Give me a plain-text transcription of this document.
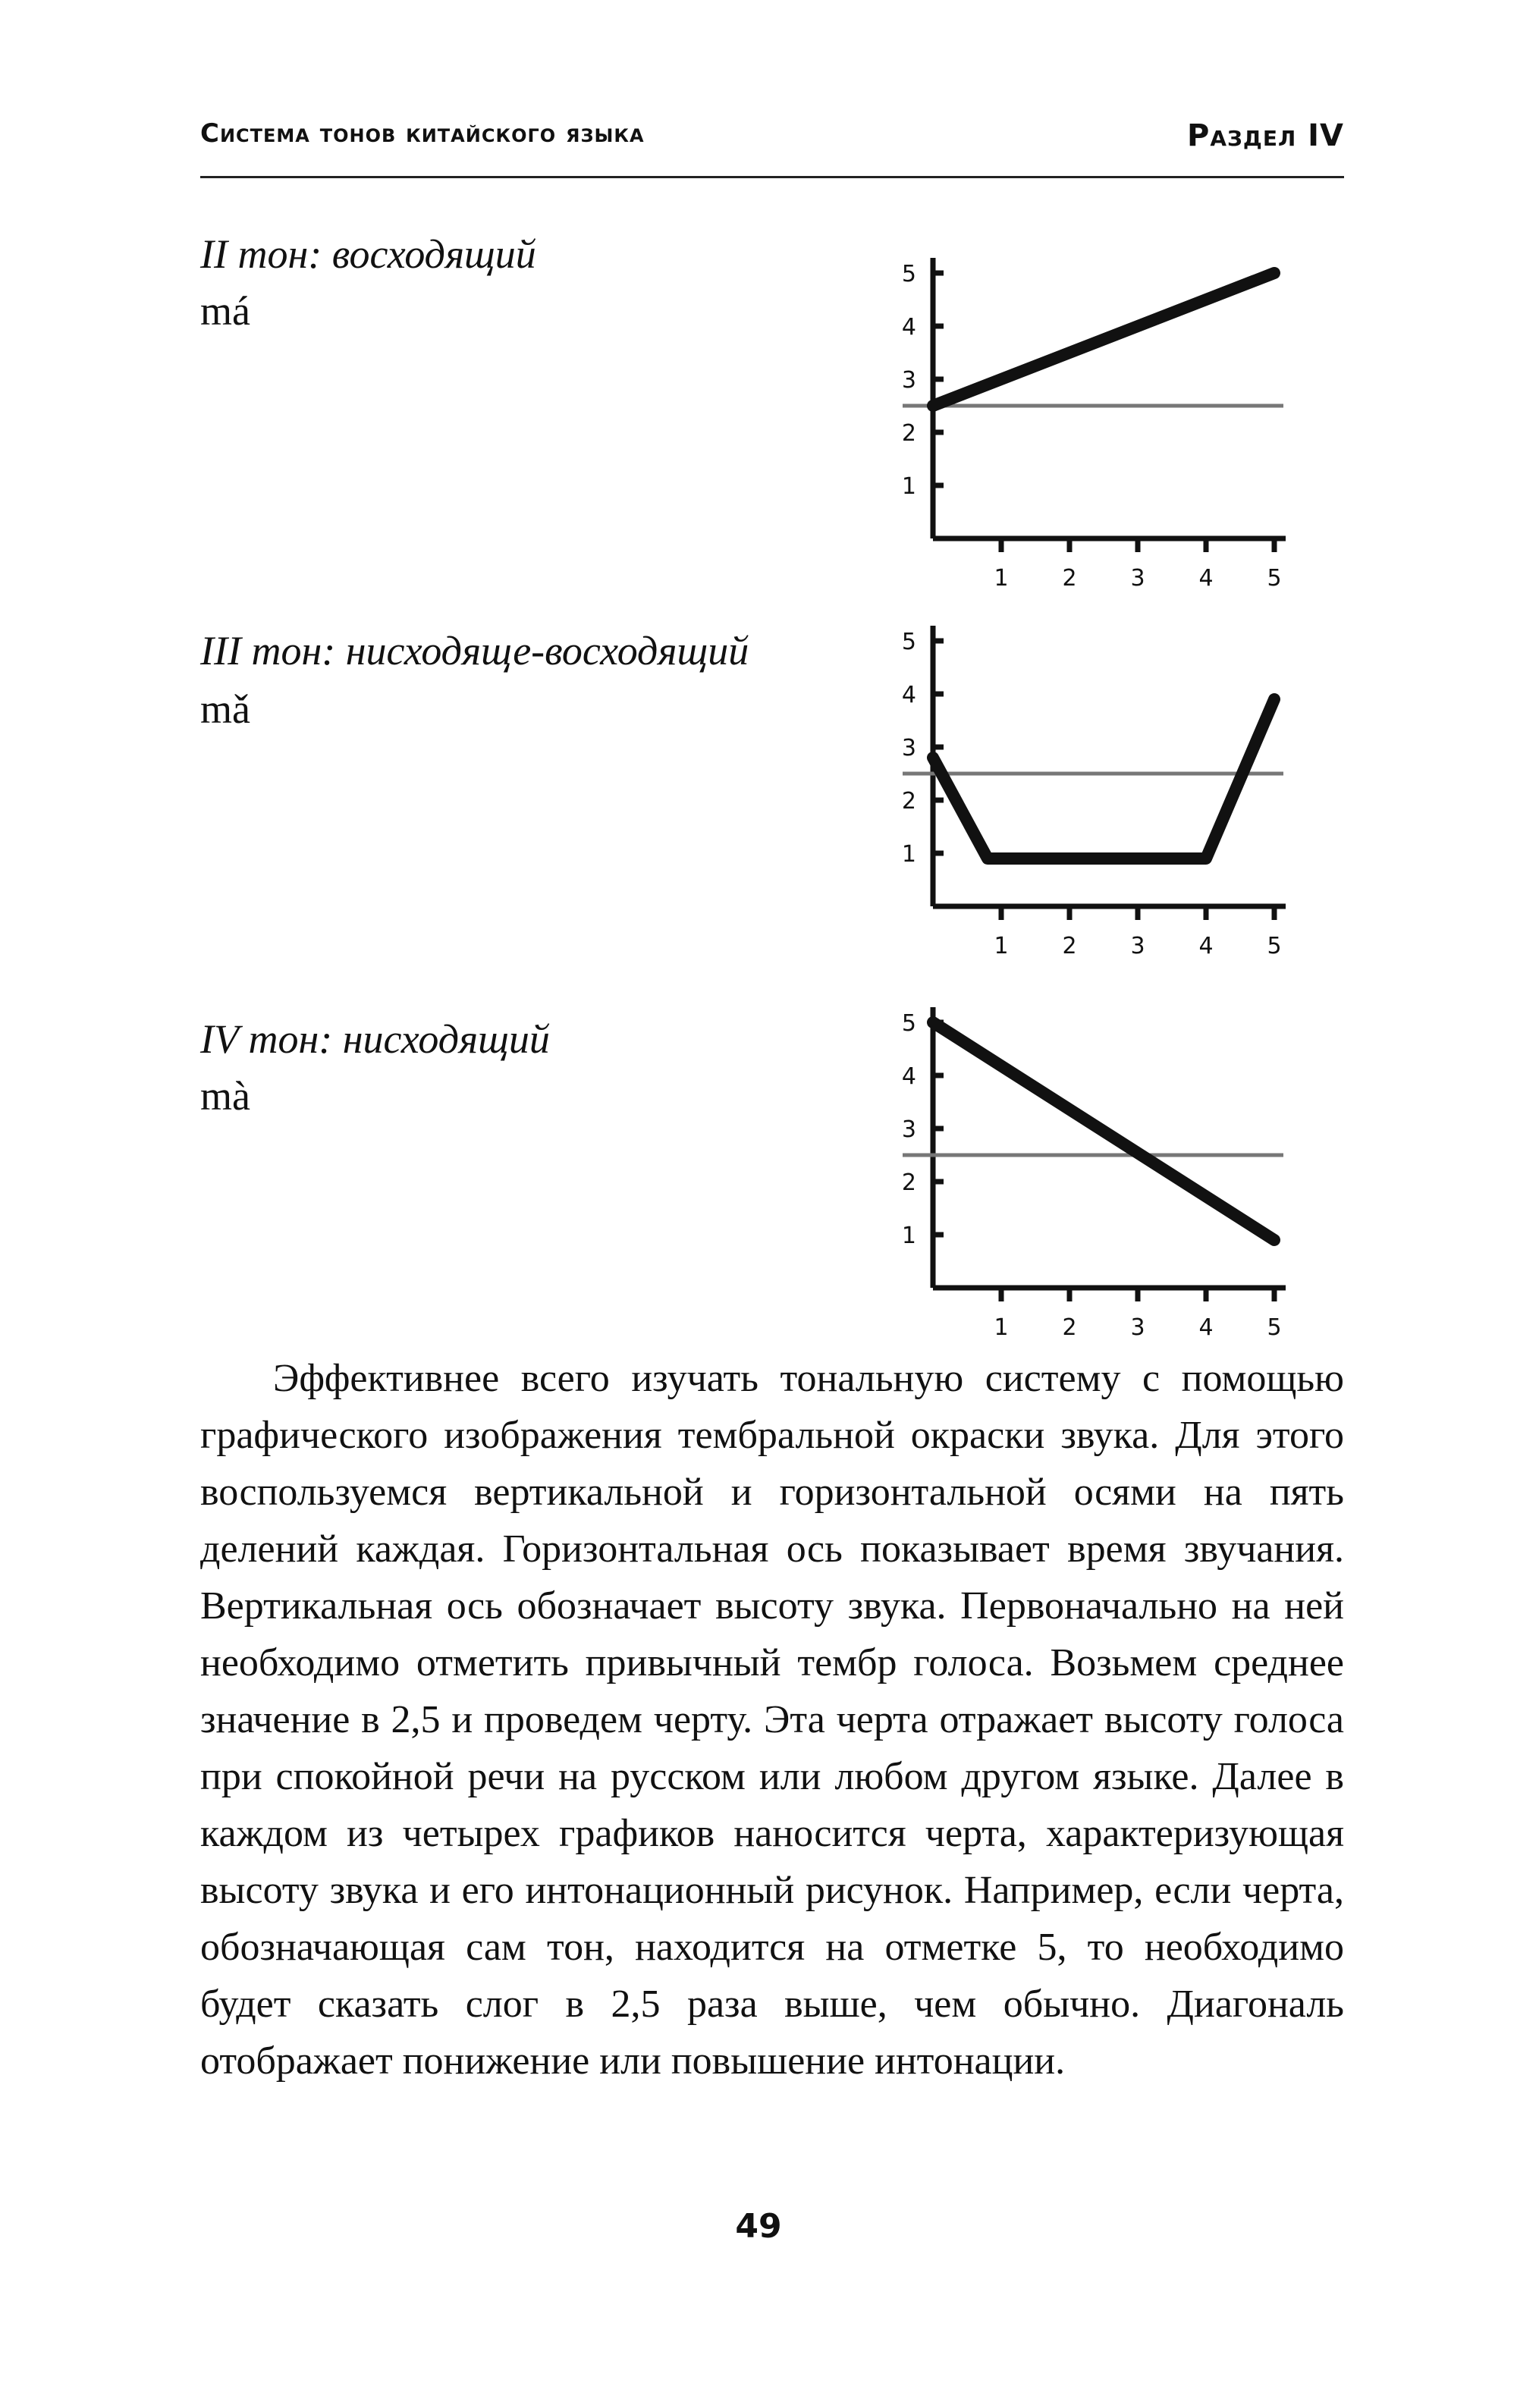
Система тонов китайского языка	Раздел IV
II тон: восходящий
má
1
2
3
4
5
1 2 3 4 5
III тон: нисходяще-восходящий
mǎ
1
2
3
4
5
1 2 3 4 5
IV тон: нисходящий
mà
1
2
3
4
5
1 2 3 4 5

Эффективнее всего изучать тональную систему с помощью графического изображения тембральной окраски звука. Для этого воспользуемся вертикальной и горизонтальной осями на пять делений каждая. Горизонтальная ось показывает время звучания. Вертикальная ось обозначает высоту звука. Первоначально на ней необходимо отметить привычный тембр голоса. Возьмем среднее значение в 2,5 и проведем черту. Эта черта отражает высоту голоса при спокойной речи на русском или любом другом языке. Далее в каждом из четырех графиков наносится черта, характеризующая высоту звука и его интонационный рисунок. Например, если черта, обозначающая сам тон, находится на отметке 5, то необходимо будет сказать слог в 2,5 раза выше, чем обычно. Диагональ отображает понижение или повышение интонации.

49
